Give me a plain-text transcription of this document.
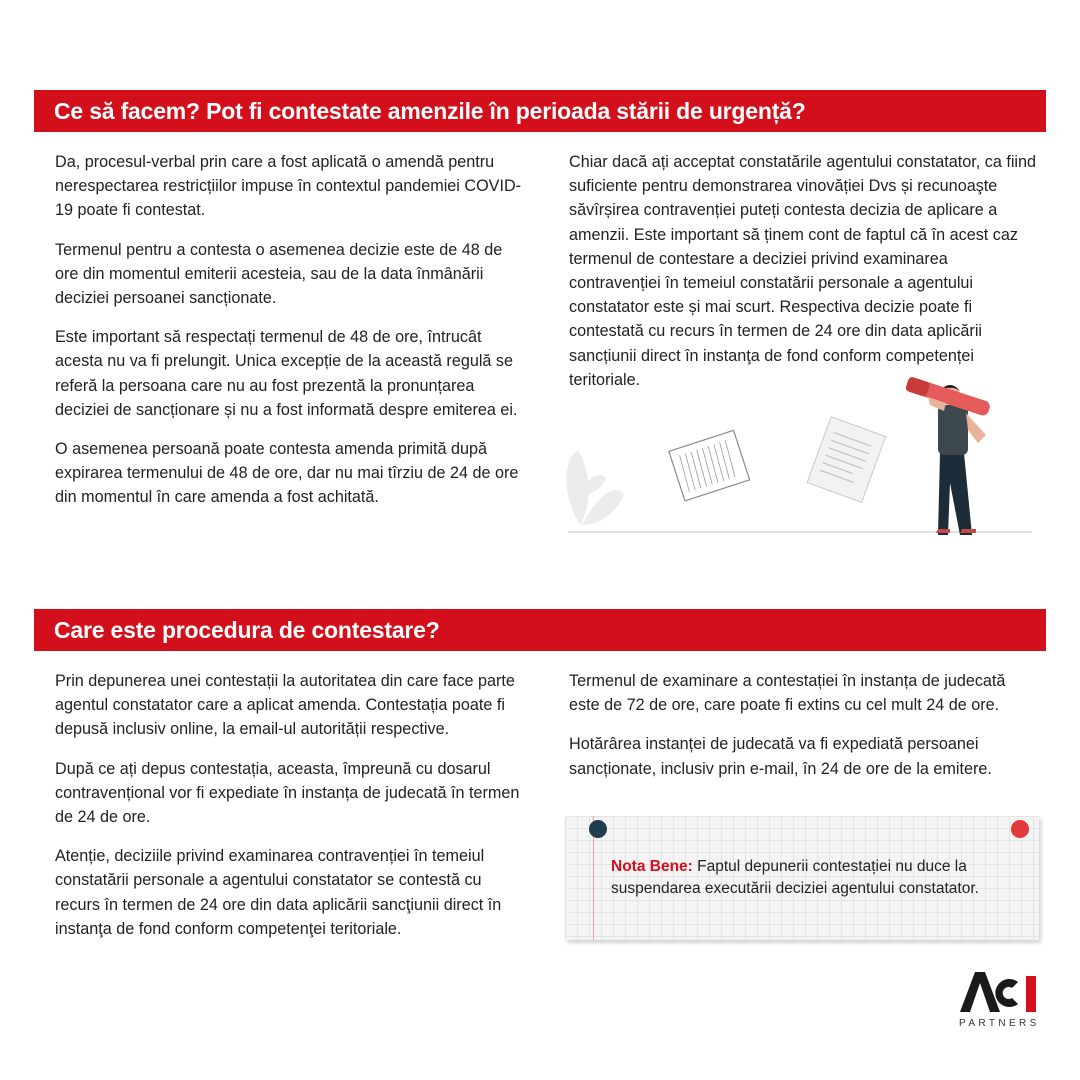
Ce să facem? Pot fi contestate amenzile în perioada stării de urgență?

Da, procesul-verbal prin care a fost aplicată o amendă pentru nerespectarea restricțiilor impuse în contextul pandemiei COVID-19 poate fi contestat.

Termenul pentru a contesta o asemenea decizie este de 48 de ore din momentul emiterii acesteia, sau de la data înmânării deciziei persoanei sancționate.

Este important să respectați termenul de 48 de ore, întrucât acesta nu va fi prelungit. Unica excepție de la această regulă se referă la persoana care nu au fost prezentă la pronunțarea deciziei de sancționare și nu a fost informată despre emiterea ei.

O asemenea persoană poate contesta amenda primită după expirarea termenului de 48 de ore, dar nu mai tîrziu de 24 de ore din momentul în care amenda a fost achitată.

Chiar dacă ați acceptat constatările agentului constatator, ca fiind suficiente pentru demonstrarea vinovăției Dvs și recunoaşte săvîrșirea contravenției puteți contesta decizia de aplicare a amenzii. Este important să ținem cont de faptul că în acest caz termenul de contestare a deciziei privind examinarea contravenției în temeiul constatării personale a agentului constatator este și mai scurt. Respectiva decizie poate fi contestată cu recurs în termen de 24 ore din data aplicării sancțiunii direct în instanţa de fond conform competenței teritoriale.

Care este procedura de contestare?

Prin depunerea unei contestații la autoritatea din care face parte agentul constatator care a aplicat amenda. Contestația poate fi depusă inclusiv online, la email-ul autorității respective.

După ce ați depus contestația, aceasta, împreună cu dosarul contravențional vor fi expediate în instanța de judecată în termen de 24 de ore.

Atenție, deciziile privind examinarea contravenției în temeiul constatării personale a agentului constatator se contestă cu recurs în termen de 24 ore din data aplicării sancţiunii direct în instanţa de fond conform competenţei teritoriale.

Termenul de examinare a contestației în instanța de judecată este de 72 de ore, care poate fi extins cu cel mult 24 de ore.

Hotărârea instanței de judecată va fi expediată persoanei sancționate, inclusiv prin e-mail, în 24 de ore de la emitere.

Nota Bene: Faptul depunerii contestației nu duce la suspendarea executării deciziei agentului constatator.
PARTNERS
